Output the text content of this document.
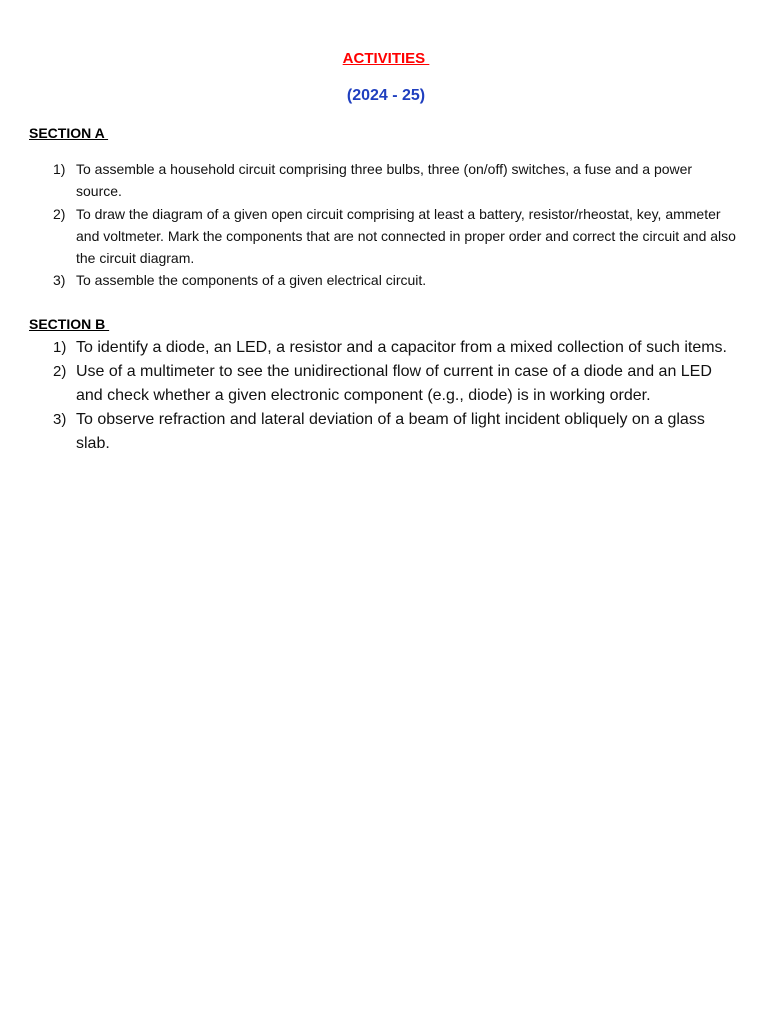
ACTIVITIES
(2024 - 25)
SECTION A
1) To assemble a household circuit comprising three bulbs, three (on/off) switches, a fuse and a power source.
2) To draw the diagram of a given open circuit comprising at least a battery, resistor/rheostat, key, ammeter and voltmeter. Mark the components that are not connected in proper order and correct the circuit and also the circuit diagram.
3) To assemble the components of a given electrical circuit.
SECTION B
1) To identify a diode, an LED, a resistor and a capacitor from a mixed collection of such items.
2) Use of a multimeter to see the unidirectional flow of current in case of a diode and an LED and check whether a given electronic component (e.g., diode) is in working order.
3) To observe refraction and lateral deviation of a beam of light incident obliquely on a glass slab.
